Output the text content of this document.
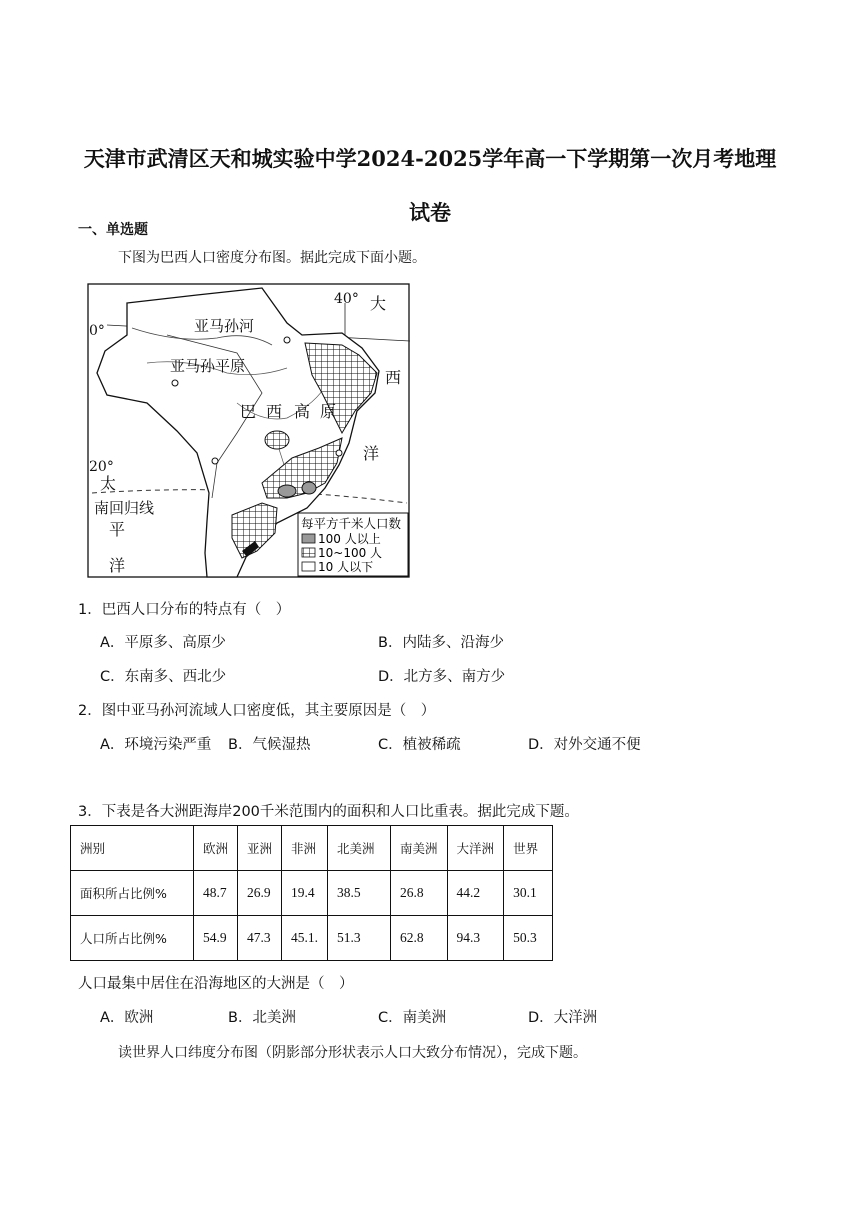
天津市武清区天和城实验中学2024-2025学年高一下学期第一次月考地理
试卷
一、单选题
下图为巴西人口密度分布图。据此完成下面小题。
0°
20°
40°
亚马孙河
亚马孙平原
巴 西 高 原
大
西
洋
太
平
洋
南回归线
每平方千米人口数
100 人以上
10~100 人
10 人以下
1．巴西人口分布的特点有（　）
A．平原多、高原少	B．内陆多、沿海少
C．东南多、西北少	D．北方多、南方少
2．图中亚马孙河流域人口密度低，其主要原因是（　）
A．环境污染严重 B．气候湿热	C．植被稀疏	D．对外交通不便
3．下表是各大洲距海岸200千米范围内的面积和人口比重表。据此完成下题。
洲别	欧洲	亚洲	非洲	北美洲	南美洲	大洋洲	世界
面积所占比例%	48.7	26.9	19.4	38.5	26.8	44.2	30.1
人口所占比例%	54.9	47.3	45.1.	51.3	62.8	94.3	50.3
人口最集中居住在沿海地区的大洲是（　）
A．欧洲	B．北美洲	C．南美洲	D．大洋洲
读世界人口纬度分布图（阴影部分形状表示人口大致分布情况），完成下题。
